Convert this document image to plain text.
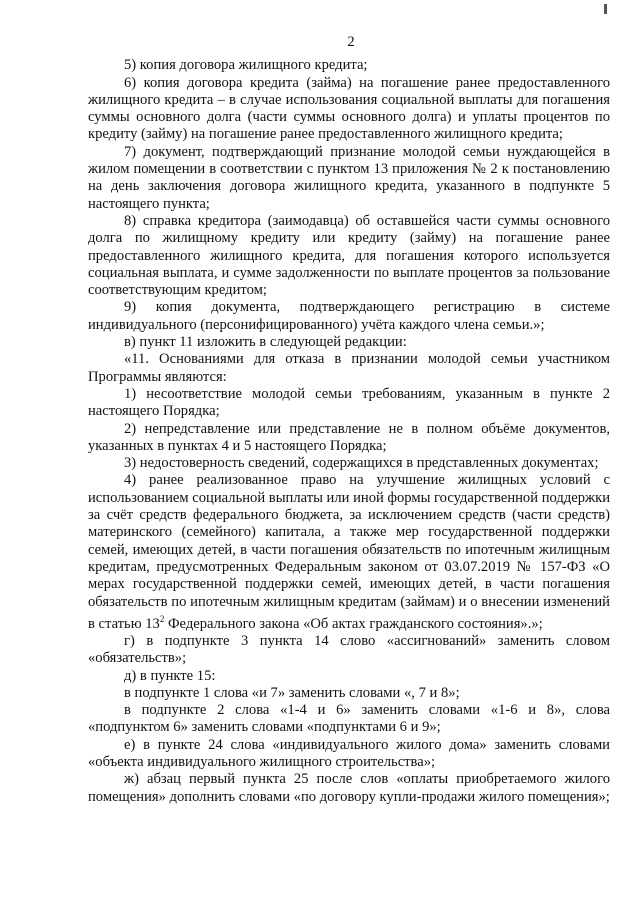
2

5) копия договора жилищного кредита;

6) копия договора кредита (займа) на погашение ранее предоставленного жилищного кредита – в случае использования социальной выплаты для погашения суммы основного долга (части суммы основного долга) и уплаты процентов по кредиту (займу) на погашение ранее предоставленного жилищного кредита;

7) документ, подтверждающий признание молодой семьи нуждающейся в жилом помещении в соответствии с пунктом 13 приложения № 2 к постановлению на день заключения договора жилищного кредита, указанного в подпункте 5 настоящего пункта;

8) справка кредитора (заимодавца) об оставшейся части суммы основного долга по жилищному кредиту или кредиту (займу) на погашение ранее предоставленного жилищного кредита, для погашения которого используется социальная выплата, и сумме задолженности по выплате процентов за пользование соответствующим кредитом;

9) копия документа, подтверждающего регистрацию в системе индивидуального (персонифицированного) учёта каждого члена семьи.»;

в) пункт 11 изложить в следующей редакции:

«11. Основаниями для отказа в признании молодой семьи участником Программы являются:

1) несоответствие молодой семьи требованиям, указанным в пункте 2 настоящего Порядка;

2) непредставление или представление не в полном объёме документов, указанных в пунктах 4 и 5 настоящего Порядка;

3) недостоверность сведений, содержащихся в представленных документах;

4) ранее реализованное право на улучшение жилищных условий с использованием социальной выплаты или иной формы государственной поддержки за счёт средств федерального бюджета, за исключением средств (части средств) материнского (семейного) капитала, а также мер государственной поддержки семей, имеющих детей, в части погашения обязательств по ипотечным жилищным кредитам, предусмотренных Федеральным законом от 03.07.2019 № 157-ФЗ «О мерах государственной поддержки семей, имеющих детей, в части погашения обязательств по ипотечным жилищным кредитам (займам) и о внесении изменений в статью $13^2$ Федерального закона «Об актах гражданского состояния».»;

г) в подпункте 3 пункта 14 слово «ассигнований» заменить словом «обязательств»;

д) в пункте 15:

в подпункте 1 слова «и 7» заменить словами «, 7 и 8»;

в подпункте 2 слова «1-4 и 6» заменить словами «1-6 и 8», слова «подпунктом 6» заменить словами «подпунктами 6 и 9»;

е) в пункте 24 слова «индивидуального жилого дома» заменить словами «объекта индивидуального жилищного строительства»;

ж) абзац первый пункта 25 после слов «оплаты приобретаемого жилого помещения» дополнить словами «по договору купли-продажи жилого помещения»;
